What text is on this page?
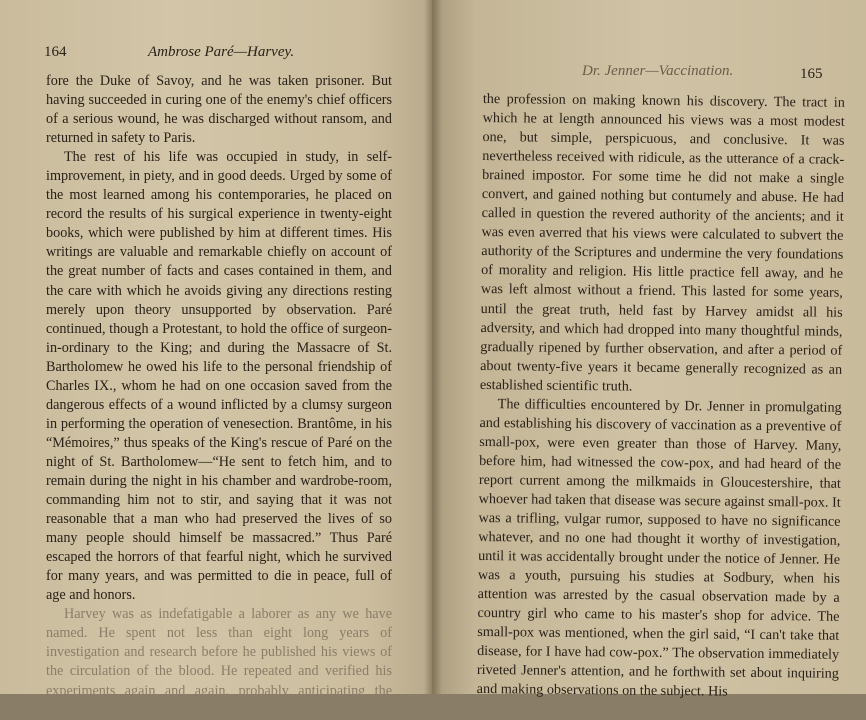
164	Ambrose Paré—Harvey.

fore the Duke of Savoy, and he was taken prisoner. But having succeeded in curing one of the enemy's chief officers of a serious wound, he was discharged without ransom, and returned in safety to Paris.

The rest of his life was occupied in study, in self-improvement, in piety, and in good deeds. Urged by some of the most learned among his contemporaries, he placed on record the results of his surgical experience in twenty-eight books, which were published by him at different times. His writings are valuable and remarkable chiefly on account of the great number of facts and cases contained in them, and the care with which he avoids giving any directions resting merely upon theory unsupported by observation. Paré continued, though a Protestant, to hold the office of surgeon-in-ordinary to the King; and during the Massacre of St. Bartholomew he owed his life to the personal friendship of Charles IX., whom he had on one occasion saved from the dangerous effects of a wound inflicted by a clumsy surgeon in performing the operation of venesection. Brantôme, in his “Mémoires,” thus speaks of the King's rescue of Paré on the night of St. Bartholomew—“He sent to fetch him, and to remain during the night in his chamber and wardrobe-room, commanding him not to stir, and saying that it was not reasonable that a man who had preserved the lives of so many people should himself be massacred.” Thus Paré escaped the horrors of that fearful night, which he survived for many years, and was permitted to die in peace, full of age and honors.

Harvey was as indefatigable a laborer as any we have named. He spent not less than eight long years of investigation and research before he published his views of the circulation of the blood. He repeated and verified his experiments again and again, probably anticipating the opposition he would have to encounter from

Dr. Jenner—Vaccination.	165

the profession on making known his discovery. The tract in which he at length announced his views was a most modest one, but simple, perspicuous, and conclusive. It was nevertheless received with ridicule, as the utterance of a crack-brained impostor. For some time he did not make a single convert, and gained nothing but contumely and abuse. He had called in question the revered authority of the ancients; and it was even averred that his views were calculated to subvert the authority of the Scriptures and undermine the very foundations of morality and religion. His little practice fell away, and he was left almost without a friend. This lasted for some years, until the great truth, held fast by Harvey amidst all his adversity, and which had dropped into many thoughtful minds, gradually ripened by further observation, and after a period of about twenty-five years it became generally recognized as an established scientific truth.

The difficulties encountered by Dr. Jenner in promulgating and establishing his discovery of vaccination as a preventive of small-pox, were even greater than those of Harvey. Many, before him, had witnessed the cow-pox, and had heard of the report current among the milkmaids in Gloucestershire, that whoever had taken that disease was secure against small-pox. It was a trifling, vulgar rumor, supposed to have no significance whatever, and no one had thought it worthy of investigation, until it was accidentally brought under the notice of Jenner. He was a youth, pursuing his studies at Sodbury, when his attention was arrested by the casual observation made by a country girl who came to his master's shop for advice. The small-pox was mentioned, when the girl said, “I can't take that disease, for I have had cow-pox.” The observation immediately riveted Jenner's attention, and he forthwith set about inquiring and making observations on the subject. His
